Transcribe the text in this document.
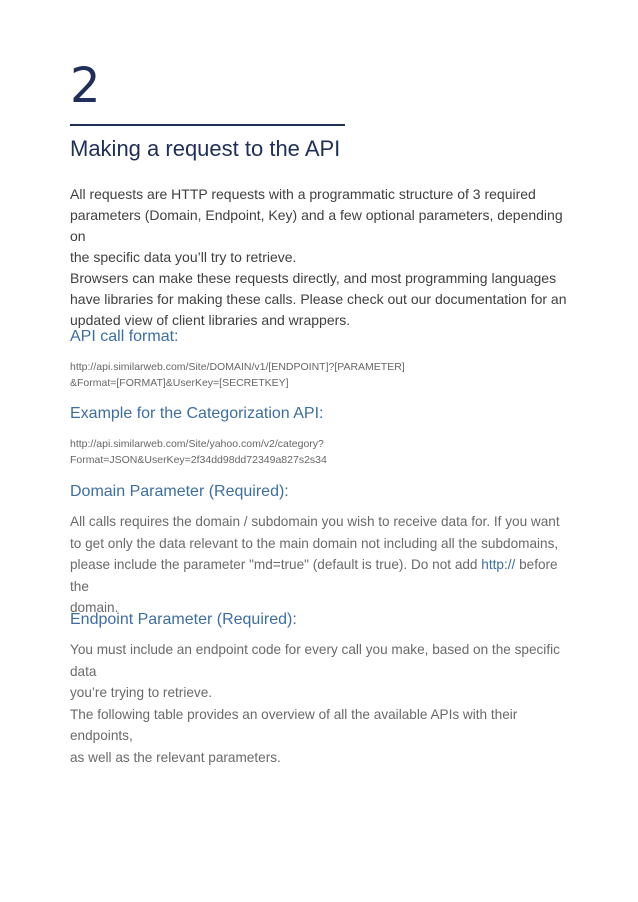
2
Making a request to the API

All requests are HTTP requests with a programmatic structure of 3 required

parameters (Domain, Endpoint, Key) and a few optional parameters, depending on

the specific data you’ll try to retrieve.

Browsers can make these requests directly, and most programming languages

have libraries for making these calls. Please check out our documentation for an

updated view of client libraries and wrappers.

API call format:
http://api.similarweb.com/Site/DOMAIN/v1/[ENDPOINT]?[PARAMETER]
&Format=[FORMAT]&UserKey=[SECRETKEY]
Example for the Categorization API:
http://api.similarweb.com/Site/yahoo.com/v2/category?
Format=JSON&UserKey=2f34dd98dd72349a827s2s34
Domain Parameter (Required):

All calls requires the domain / subdomain you wish to receive data for. If you want

to get only the data relevant to the main domain not including all the subdomains,

please include the parameter "md=true" (default is true). Do not add http:// before the

domain.

Endpoint Parameter (Required):

You must include an endpoint code for every call you make, based on the specific data

you’re trying to retrieve.

The following table provides an overview of all the available APIs with their endpoints,

as well as the relevant parameters.
